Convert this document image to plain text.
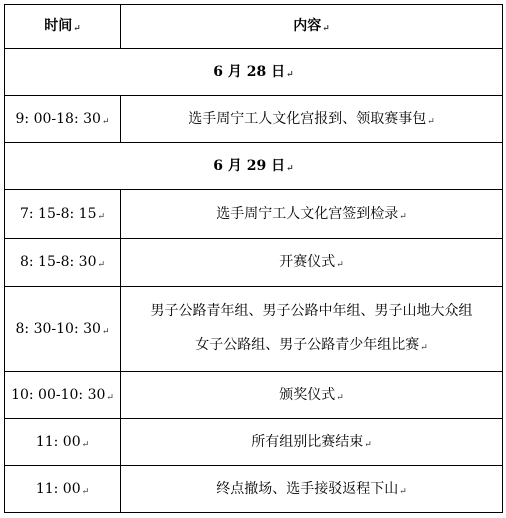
时间↵	内容↵
6 月 28 日↵	
9: 00-18: 30↵	选手周宁工人文化宫报到、领取赛事包↵
6 月 29 日↵	
7: 15-8: 15↵	选手周宁工人文化宫签到检录↵
8: 15-8: 30↵	开赛仪式↵
8: 30-10: 30↵	男子公路青年组、男子公路中年组、男子山地大众组
女子公路组、男子公路青少年组比赛↵

10: 00-10: 30↵	颁奖仪式↵
11: 00↵	所有组别比赛结束↵
11: 00↵	终点撤场、选手接驳返程下山↵
